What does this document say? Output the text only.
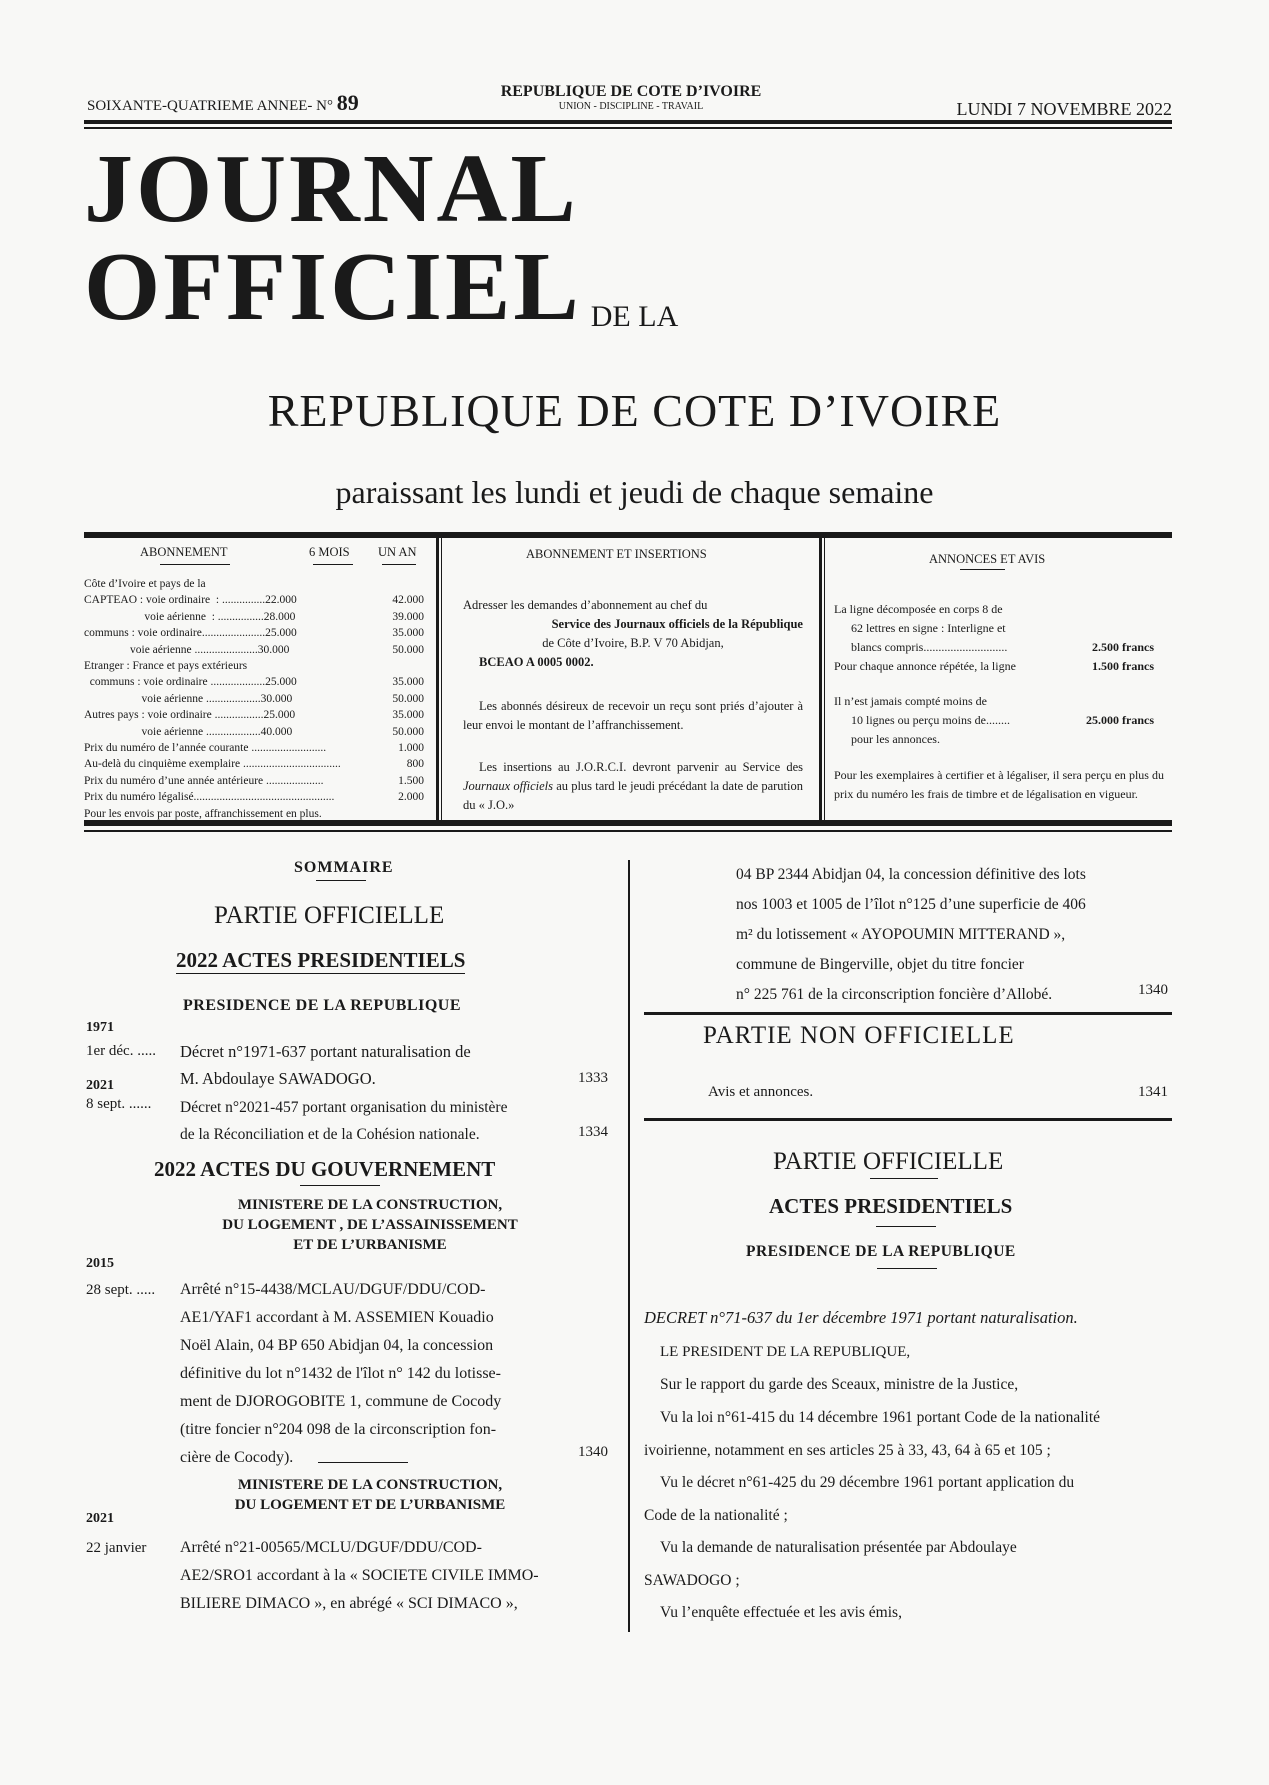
SOIXANTE-QUATRIEME ANNEE- N° 89	REPUBLIQUE DE COTE D’IVOIRE
UNION - DISCIPLINE - TRAVAIL	LUNDI 7 NOVEMBRE 2022
JOURNAL  OFFICIEL DE LA
REPUBLIQUE DE COTE D’IVOIRE
paraissant les lundi et jeudi de chaque semaine
ABONNEMENT	6 MOIS UN AN
Côte d’Ivoire et pays de la
CAPTEAO : voie ordinaire  : ...............22.000	42.000
voie aérienne  : ................28.000	39.000
communs : voie ordinaire......................25.000	35.000
voie aérienne ......................30.000	50.000
Etranger : France et pays extérieurs
communs : voie ordinaire ...................25.000	35.000
voie aérienne ...................30.000	50.000
Autres pays : voie ordinaire .................25.000	35.000
voie aérienne ...................40.000	50.000
Prix du numéro de l’année courante ..........................	1.000
Au-delà du cinquième exemplaire ..................................	800
Prix du numéro d’une année antérieure ....................	1.500
Prix du numéro légalisé.................................................	2.000
Pour les envois par poste, affranchissement en plus.
ABONNEMENT ET INSERTIONS
Adresser les demandes d’abonnement au chef du
Service des Journaux officiels de la République
de Côte d’Ivoire, B.P. V 70 Abidjan,
BCEAO A 0005 0002.
Les abonnés désireux de recevoir un reçu sont priés d’ajouter à leur envoi le montant de l’affranchissement.
Les insertions au J.O.R.C.I. devront parvenir au Service des Journaux officiels au plus tard le jeudi précédant la date de parution du « J.O.»
ANNONCES ET AVIS
La ligne décomposée en corps 8 de
62 lettres en signe : Interligne et
blancs compris............................	2.500 francs
Pour chaque annonce répétée, la ligne	1.500 francs
Il n’est jamais compté moins de
10 lignes ou perçu moins de........	25.000 francs
pour les annonces.
Pour les exemplaires à certifier et à légaliser, il sera perçu en plus du prix du numéro les frais de timbre et de légalisation en vigueur.
SOMMAIRE
PARTIE OFFICIELLE
2022 ACTES PRESIDENTIELS
PRESIDENCE DE LA REPUBLIQUE
1971
1er déc. ..... Décret n°1971-637 portant naturalisation de
M. Abdoulaye SAWADOGO.	1333
2021
8 sept. ...... Décret n°2021-457 portant organisation du ministère
de la Réconciliation et de la Cohésion nationale.	1334
2022 ACTES DU GOUVERNEMENT
MINISTERE DE LA CONSTRUCTION,
DU LOGEMENT , DE L’ASSAINISSEMENT
ET DE L’URBANISME
2015
28 sept. ..... Arrêté n°15-4438/MCLAU/DGUF/DDU/COD-
AE1/YAF1 accordant à M. ASSEMIEN Kouadio
Noël Alain, 04 BP 650 Abidjan 04, la concession
définitive du lot n°1432 de l'îlot n° 142 du lotisse-
ment de DJOROGOBITE 1, commune de Cocody
(titre foncier n°204 098 de la circonscription fon-
cière de Cocody).	1340
MINISTERE DE LA CONSTRUCTION,
DU LOGEMENT ET DE L’URBANISME
2021
22 janvier Arrêté n°21-00565/MCLU/DGUF/DDU/COD-
AE2/SRO1 accordant à la « SOCIETE CIVILE IMMO-
BILIERE DIMACO », en abrégé « SCI DIMACO »,
04 BP 2344 Abidjan 04, la concession définitive des lots
nos 1003 et 1005 de l’îlot n°125 d’une superficie de 406
m² du lotissement « AYOPOUMIN MITTERAND »,
commune de Bingerville, objet du titre foncier
n° 225 761 de la circonscription foncière d’Allobé.	1340
PARTIE NON OFFICIELLE
Avis et annonces.	1341
PARTIE OFFICIELLE
ACTES PRESIDENTIELS
PRESIDENCE DE LA REPUBLIQUE
DECRET n°71-637 du 1er décembre 1971 portant naturalisation.
LE PRESIDENT DE LA REPUBLIQUE,
Sur le rapport du garde des Sceaux, ministre de la Justice,
Vu la loi n°61-415 du 14 décembre 1961 portant Code de la nationalité
ivoirienne, notamment en ses articles 25 à 33, 43, 64 à 65 et 105 ;
Vu le décret n°61-425 du 29 décembre 1961 portant application du
Code de la nationalité ;
Vu la demande de naturalisation présentée par Abdoulaye
SAWADOGO ;
Vu l’enquête effectuée et les avis émis,
